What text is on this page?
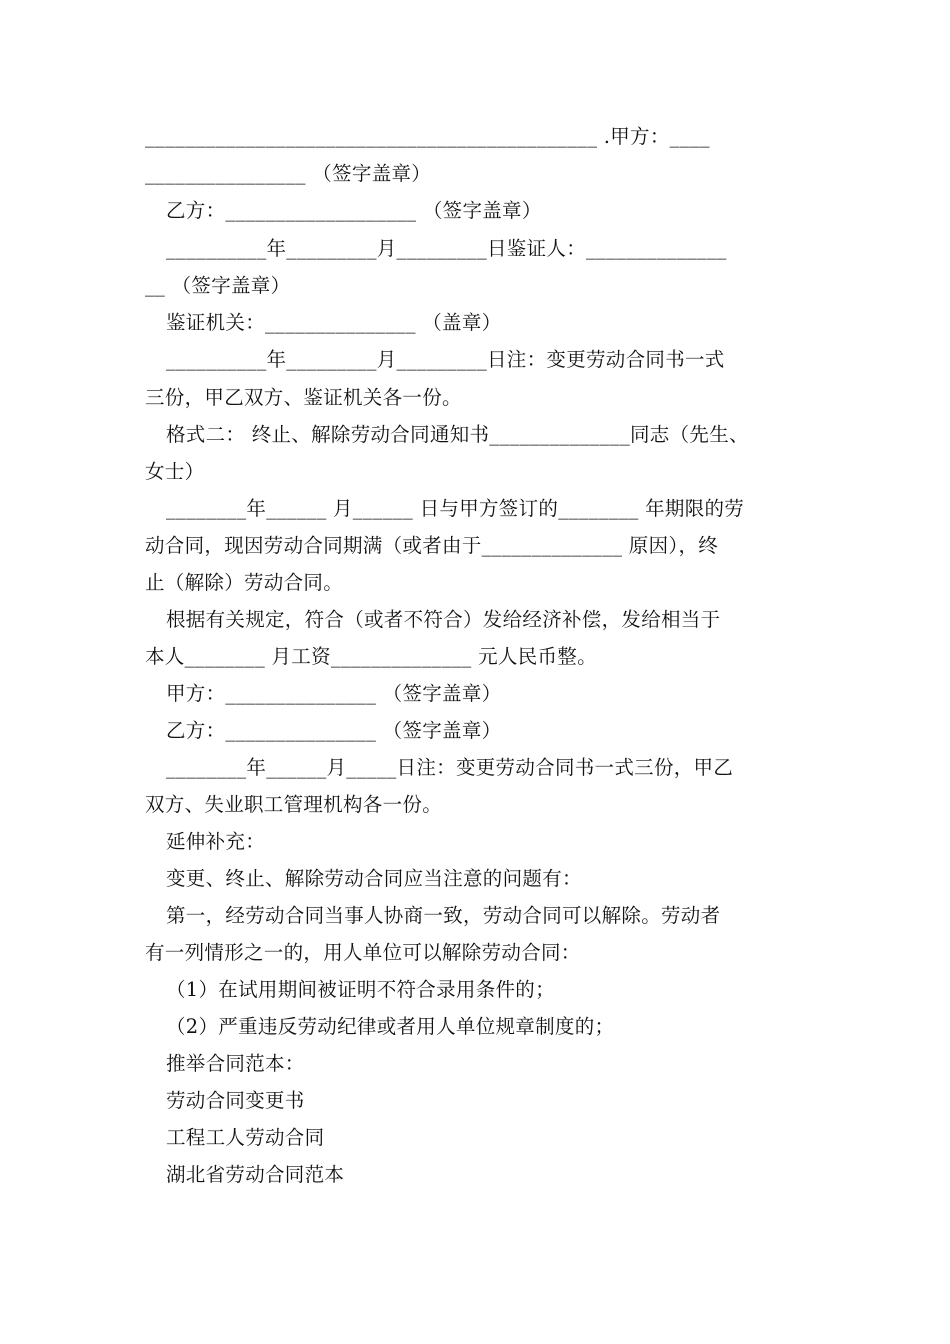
_____________________________________________ .甲方：____
________________ （签字盖章）
乙方：___________________ （签字盖章）
__________年_________月_________日鉴证人：______________
__ （签字盖章）
鉴证机关：_______________ （盖章）
__________年_________月_________日注：变更劳动合同书一式
三份，甲乙双方、鉴证机关各一份。
格式二： 终止、解除劳动合同通知书______________同志（先生、
女士）
________年______ 月______ 日与甲方签订的________ 年期限的劳
动合同，现因劳动合同期满（或者由于______________ 原因），终
止（解除）劳动合同。
根据有关规定，符合（或者不符合）发给经济补偿，发给相当于
本人________ 月工资______________ 元人民币整。
甲方：_______________ （签字盖章）
乙方：_______________ （签字盖章）
________年______月_____日注：变更劳动合同书一式三份，甲乙
双方、失业职工管理机构各一份。
延伸补充：
变更、终止、解除劳动合同应当注意的问题有：
第一，经劳动合同当事人协商一致，劳动合同可以解除。劳动者
有一列情形之一的，用人单位可以解除劳动合同：
（1）在试用期间被证明不符合录用条件的；
（2）严重违反劳动纪律或者用人单位规章制度的；
推举合同范本：
劳动合同变更书
工程工人劳动合同
湖北省劳动合同范本
